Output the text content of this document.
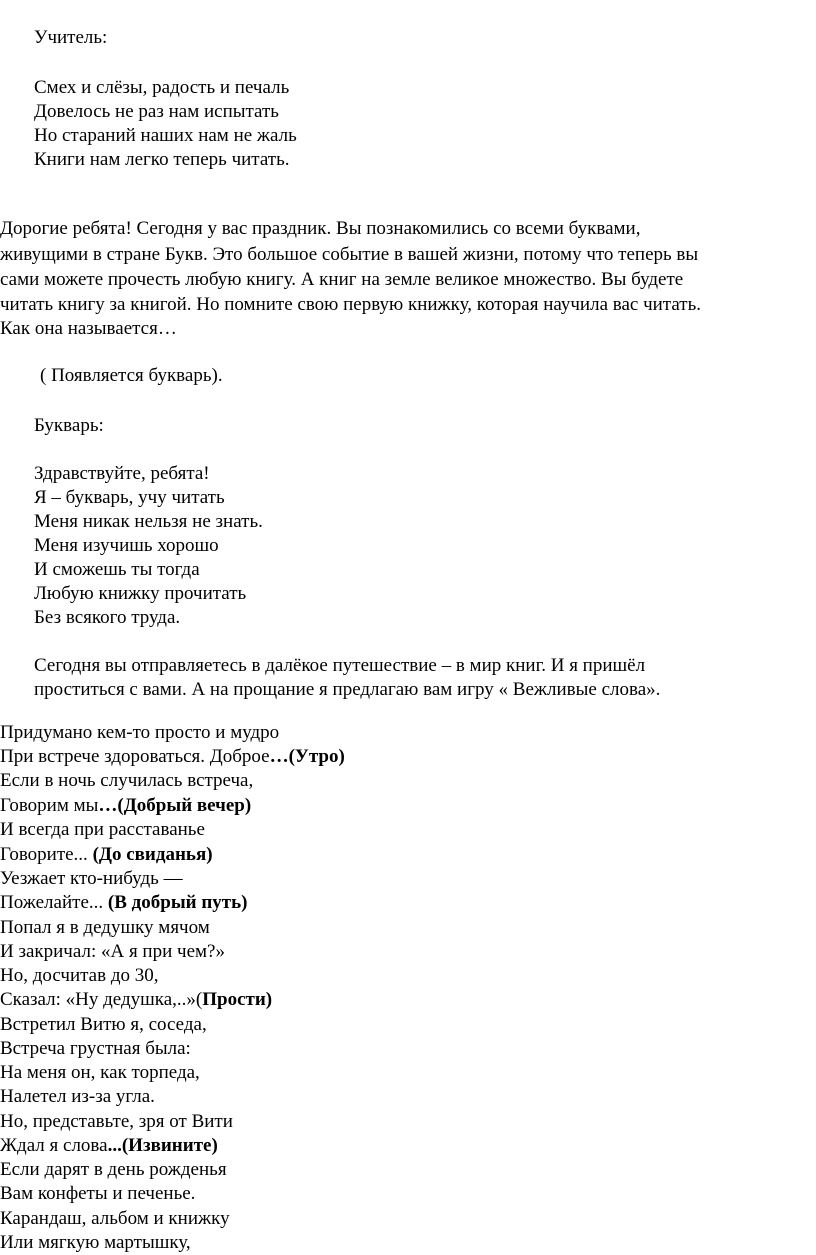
Учитель:
Смех и слёзы, радость и печаль
Довелось не раз нам испытать
Но стараний наших нам не жаль
Книги нам легко теперь читать.
Дорогие ребята! Сегодня у вас праздник. Вы познакомились со всеми буквами,
живущими в стране Букв. Это большое событие в вашей жизни, потому что теперь вы
сами можете прочесть любую книгу. А книг на земле великое множество. Вы будете
читать книгу за книгой. Но помните свою первую книжку, которая научила вас читать.
Как она называется…
( Появляется букварь).
Букварь:
Здравствуйте, ребята!
Я – букварь, учу читать
Меня никак нельзя не знать.
Меня изучишь хорошо
И сможешь ты тогда
Любую книжку прочитать
Без всякого труда.
Сегодня вы отправляетесь в далёкое путешествие – в мир книг. И я пришёл
проститься с вами. А на прощание я предлагаю вам игру « Вежливые слова».
Придумано кем-то просто и мудро
При встрече здороваться. Доброе…(Утро)
Если в ночь случилась встреча,
Говорим мы…(Добрый вечер)
И всегда при расставанье
Говорите... (До свиданья)
Уезжает кто-нибудь —
Пожелайте... (В добрый путь)
Попал я в дедушку мячом
И закричал: «А я при чем?»
Но, досчитав до 30,
Сказал: «Ну дедушка,..»(Прости)
Встретил Витю я, соседа,
Встреча грустная была:
На меня он, как торпеда,
Налетел из-за угла.
Но, представьте, зря от Вити
Ждал я слова...(Извините)
Если дарят в день рожденья
Вам конфеты и печенье.
Карандаш, альбом и книжку
Или мягкую мартышку,
